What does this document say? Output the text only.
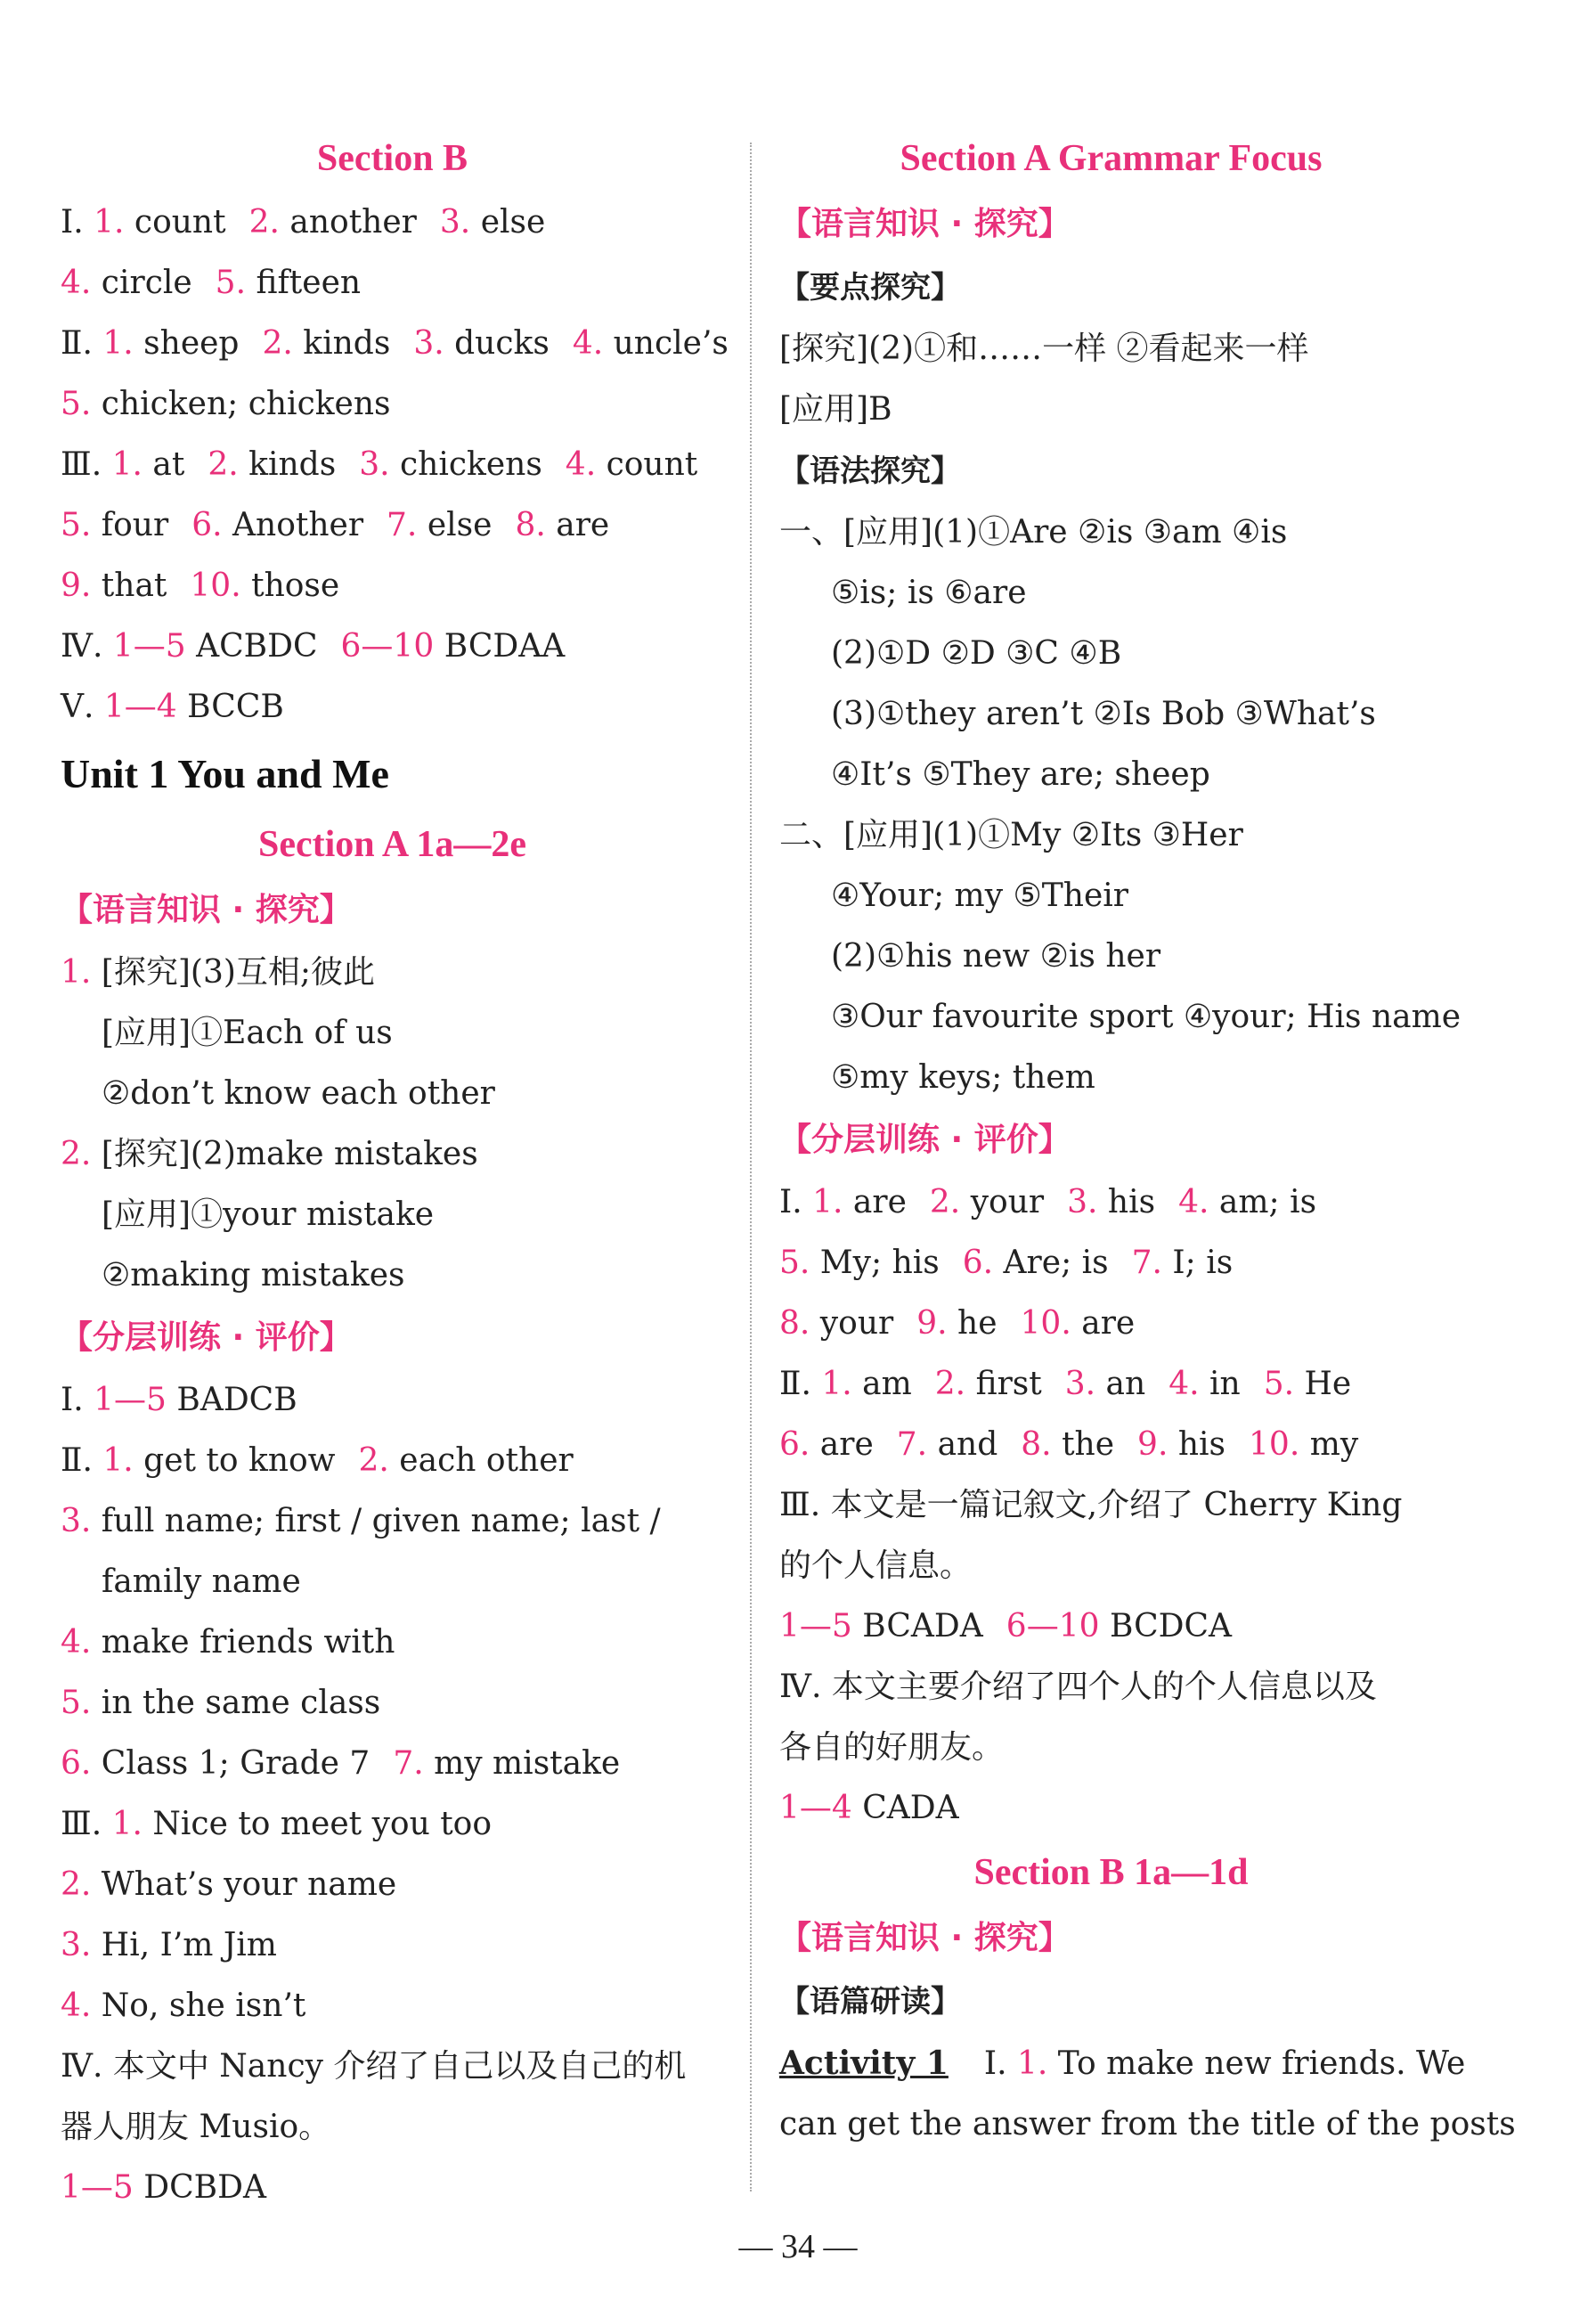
Section B
Ⅰ. 1. count 2. another 3. else
4. circle 5. fifteen
Ⅱ. 1. sheep 2. kinds 3. ducks 4. uncle’s
5. chicken; chickens
Ⅲ. 1. at 2. kinds 3. chickens 4. count
5. four 6. Another 7. else 8. are
9. that 10. those
Ⅳ. 1—5 ACBDC 6—10 BCDAA
Ⅴ. 1—4 BCCB
Unit 1 You and Me
Section A 1a—2e
【语言知识 · 探究】
1. [探究](3)互相;彼此
[应用]①Each of us
②don’t know each other
2. [探究](2)make mistakes
[应用]①your mistake
②making mistakes
【分层训练 · 评价】
Ⅰ. 1—5 BADCB
Ⅱ. 1. get to know 2. each other
3. full name; first / given name; last /
family name
4. make friends with
5. in the same class
6. Class 1; Grade 7 7. my mistake
Ⅲ. 1. Nice to meet you too
2. What’s your name
3. Hi, I’m Jim
4. No, she isn’t
Ⅳ. 本文中 Nancy 介绍了自己以及自己的机
器人朋友 Musio。
1—5 DCBDA
Section A Grammar Focus
【语言知识 · 探究】
【要点探究】
[探究](2)①和……一样 ②看起来一样
[应用]B
【语法探究】
一、[应用](1)①Are ②is ③am ④is
⑤is; is ⑥are
(2)①D ②D ③C ④B
(3)①they aren’t ②Is Bob ③What’s
④It’s ⑤They are; sheep
二、[应用](1)①My ②Its ③Her
④Your; my ⑤Their
(2)①his new ②is her
③Our favourite sport ④your; His name
⑤my keys; them
【分层训练 · 评价】
Ⅰ. 1. are 2. your 3. his 4. am; is
5. My; his 6. Are; is 7. I; is
8. your 9. he 10. are
Ⅱ. 1. am 2. first 3. an 4. in 5. He
6. are 7. and 8. the 9. his 10. my
Ⅲ. 本文是一篇记叙文,介绍了 Cherry King
的个人信息。
1—5 BCADA 6—10 BCDCA
Ⅳ. 本文主要介绍了四个人的个人信息以及
各自的好朋友。
1—4 CADA
Section B 1a—1d
【语言知识 · 探究】
【语篇研读】
Activity 1 Ⅰ. 1. To make new friends. We
can get the answer from the title of the posts
— 34 —
